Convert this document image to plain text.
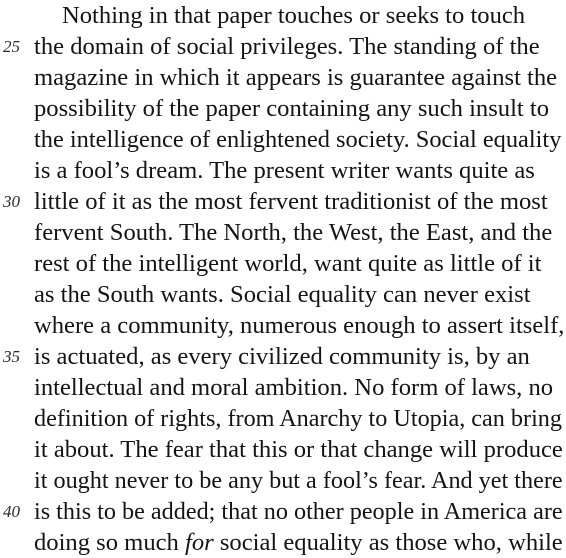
Nothing in that paper touches or seeks to touch
25 the domain of social privileges. The standing of the
magazine in which it appears is guarantee against the
possibility of the paper containing any such insult to
the intelligence of enlightened society. Social equality
is a fool’s dream. The present writer wants quite as
30 little of it as the most fervent traditionist of the most
fervent South. The North, the West, the East, and the
rest of the intelligent world, want quite as little of it
as the South wants. Social equality can never exist
where a community, numerous enough to assert itself,
35 is actuated, as every civilized community is, by an
intellectual and moral ambition. No form of laws, no
definition of rights, from Anarchy to Utopia, can bring
it about. The fear that this or that change will produce
it ought never to be any but a fool’s fear. And yet there
40 is this to be added; that no other people in America are
doing so much for social equality as those who, while
